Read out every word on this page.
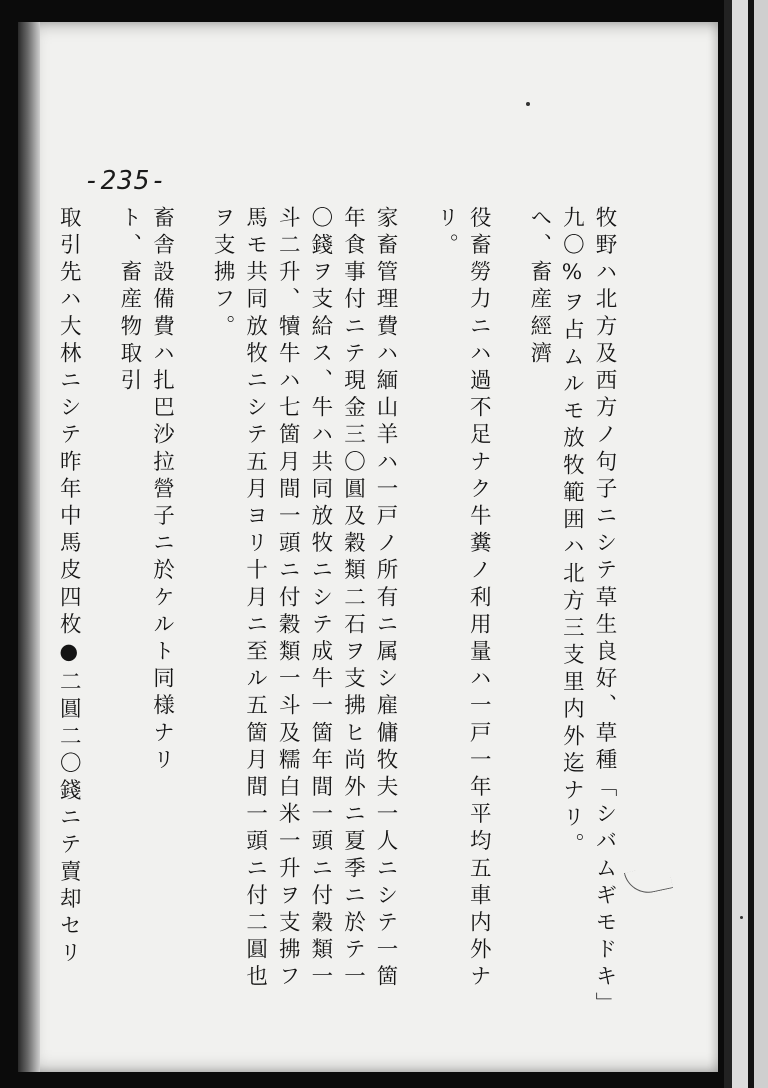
-235-
牧野ハ北方及西方ノ句子ニシテ草生良好、草種「シバムギモドキ」
九〇%ヲ占ムルモ放牧範囲ハ北方三支里内外迄ナリ。
へ、畜産經濟
役畜勞力ニハ過不足ナク牛糞ノ利用量ハ一戸一年平均五車内外ナ
リ。
家畜管理費ハ緬山羊ハ一戸ノ所有ニ属シ雇傭牧夫一人ニシテ一箇
年食事付ニテ現金三〇圓及穀類二石ヲ支拂ヒ尚外ニ夏季ニ於テ一
〇錢ヲ支給ス、牛ハ共同放牧ニシテ成牛一箇年間一頭ニ付穀類一
斗二升、犢牛ハ七箇月間一頭ニ付穀類一斗及糯白米一升ヲ支拂フ
馬モ共同放牧ニシテ五月ヨリ十月ニ至ル五箇月間一頭ニ付二圓也
ヲ支拂フ。
畜舎設備費ハ扎巴沙拉營子ニ於ケルト同様ナリ
ト、畜産物取引
取引先ハ大林ニシテ昨年中馬皮四枚●二圓二〇錢ニテ賣却セリ
